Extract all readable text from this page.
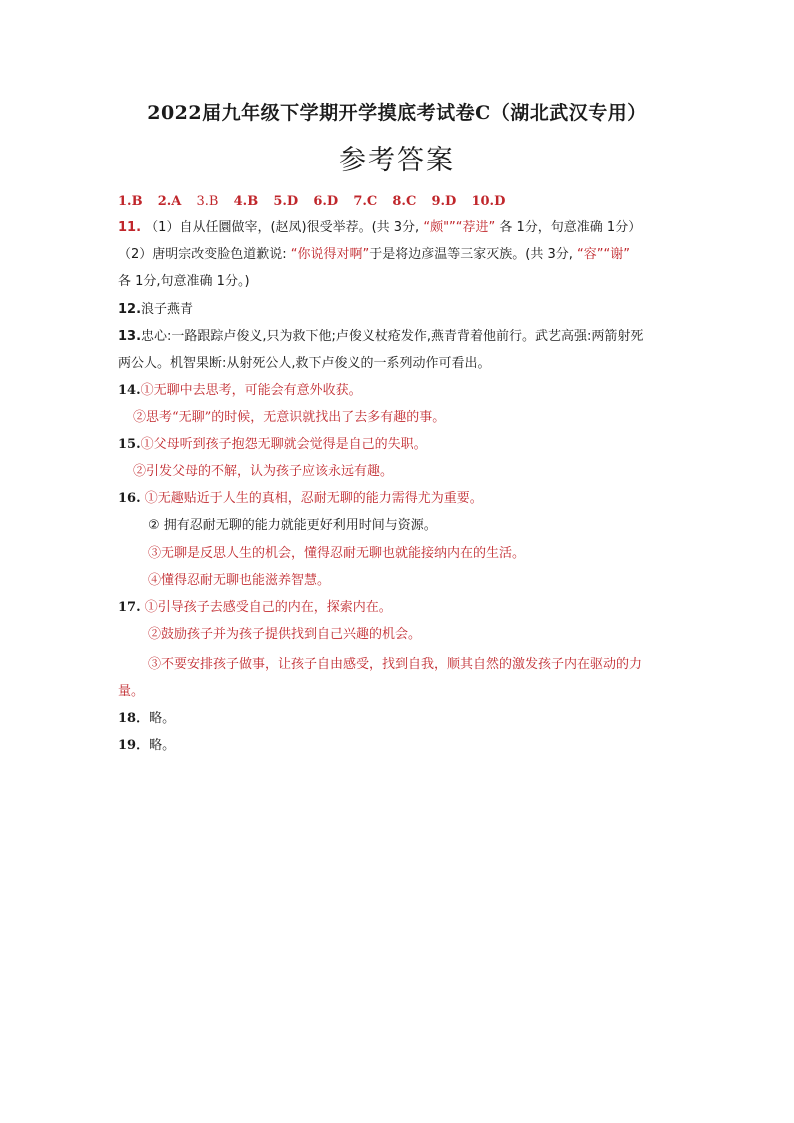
2022届九年级下学期开学摸底考试卷C（湖北武汉专用）
参考答案
1.B 2.A 3.B 4.B 5.D 6.D 7.C 8.C 9.D 10.D
11. （1）自从任圜做宰，(赵凤)很受举荐。(共 3分, “颇"”“荐进” 各 1分，句意准确 1分）
（2）唐明宗改变脸色道歉说: “你说得对啊”于是将边彦温等三家灭族。(共 3分, “容”“谢”
各 1分,句意准确 1分。)
12.浪子燕青
13.忠心:一路跟踪卢俊义,只为救下他;卢俊义杖疮发作,燕青背着他前行。武艺高强:两箭射死
两公人。机智果断:从射死公人,救下卢俊义的一系列动作可看出。
14.①无聊中去思考，可能会有意外收获。
②思考“无聊”的时候，无意识就找出了去多有趣的事。
15.①父母听到孩子抱怨无聊就会觉得是自己的失职。
②引发父母的不解，认为孩子应该永远有趣。
16. ①无趣贴近于人生的真相，忍耐无聊的能力需得尤为重要。
② 拥有忍耐无聊的能力就能更好利用时间与资源。
③无聊是反思人生的机会，懂得忍耐无聊也就能接纳内在的生活。
④懂得忍耐无聊也能滋养智慧。
17. ①引导孩子去感受自己的内在，探索内在。
②鼓励孩子并为孩子提供找到自己兴趣的机会。
③不要安排孩子做事，让孩子自由感受，找到自我，顺其自然的激发孩子内在驱动的力
量。
18．略。
19．略。
